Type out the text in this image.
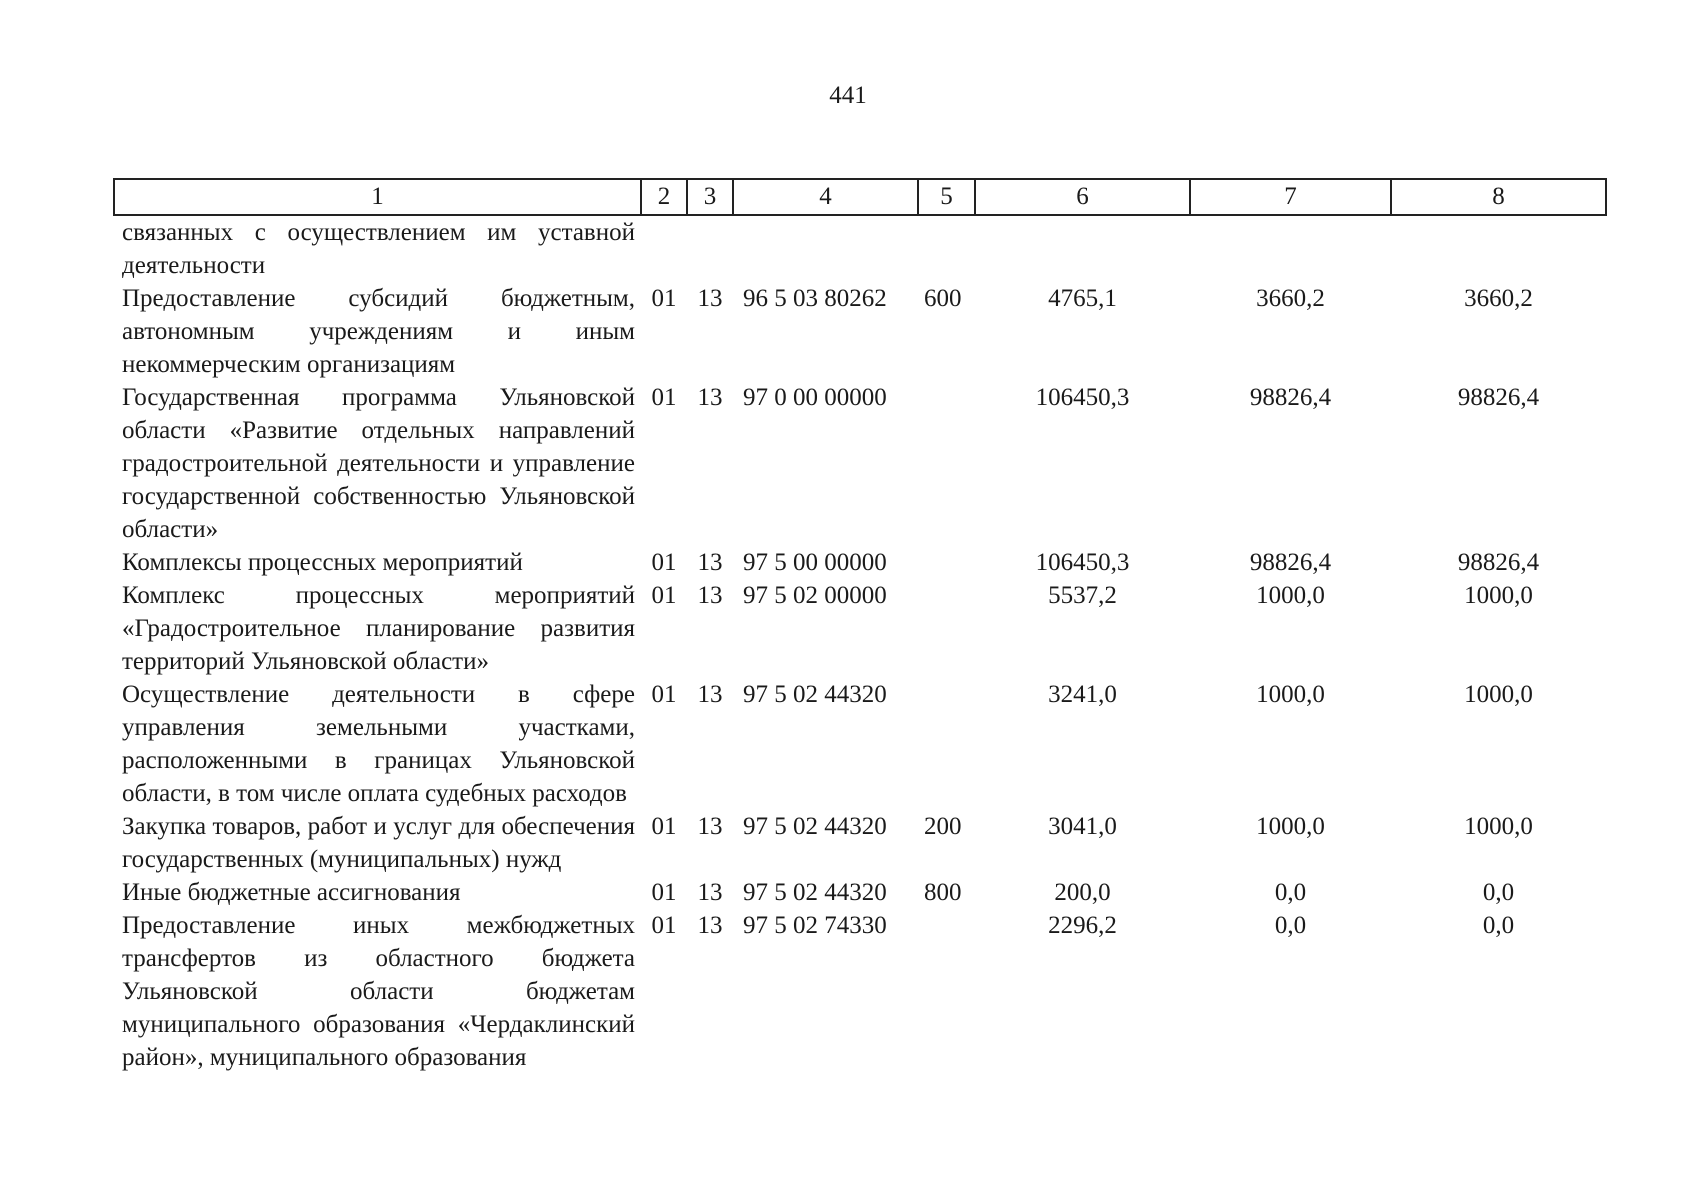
441
1	2	3	4	5	6	7	8
связанных с осуществлением им уставной деятельности							
Предоставление субсидий бюджетным, автономным учреждениям и иным некоммерческим организациям	01	13	96 5 03 80262	600	4765,1	3660,2	3660,2
Государственная программа Ульяновской области «Развитие отдельных направлений градостроительной деятельности и управление государственной собственностью Ульяновской области»	01	13	97 0 00 00000		106450,3	98826,4	98826,4
Комплексы процессных мероприятий	01	13	97 5 00 00000		106450,3	98826,4	98826,4
Комплекс процессных мероприятий «Градостроительное планирование развития территорий Ульяновской области»	01	13	97 5 02 00000		5537,2	1000,0	1000,0
Осуществление деятельности в сфере управления земельными участками, расположенными в границах Ульяновской области, в том числе оплата судебных расходов	01	13	97 5 02 44320		3241,0	1000,0	1000,0
Закупка товаров, работ и услуг для обеспечения государственных (муниципальных) нужд	01	13	97 5 02 44320	200	3041,0	1000,0	1000,0
Иные бюджетные ассигнования	01	13	97 5 02 44320	800	200,0	0,0	0,0
Предоставление иных межбюджетных трансфертов из областного бюджета Ульяновской области бюджетам муниципального образования «Чердаклинский район», муниципального образования	01	13	97 5 02 74330		2296,2	0,0	0,0
